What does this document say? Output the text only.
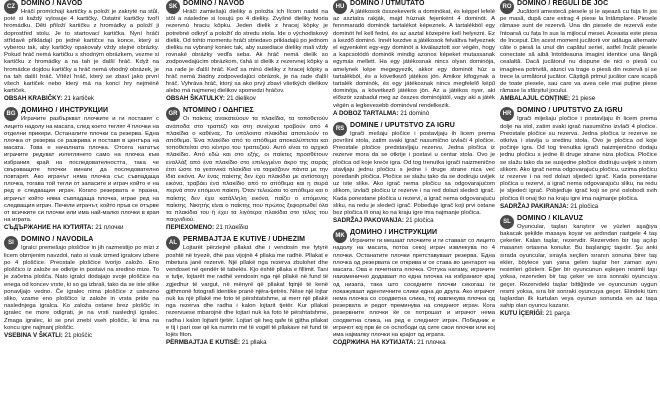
CZ DOMINO / NÁVOD
Hráči promíchají kartičky a položí je zakryté na stůl, poté si každý vylosuje 4 kartičky. Ostatní kartičky tvoří hromádku. Děti přiloží kartičku z hromádky a položí ji doprostřed stolu. Je to startovací kartička. Nyní hráči střídavě přikládají po jedné kartičce na konce, který si vyberou tak, aby kartičky opakovaly vždy stejné obrázky. Pokud hráč nemá kartičku s shodným obrázkem, vezme si kartičku z hromádky a na tah je další hráč. Když na hromádce dojdou kartičky a hráč nemá vhodný obrázek, je na tah další hráč. Vítězí hráč, který se zbaví jako první všech kartiček nebo který má na konci hry nejméně kartiček.
OBSAH KRABIČKY: 21 kartiček
BG ДОМИНО / ИНСТРУКЦИИ
Играчите разбъркват плочките и ги поставят с лицето надолу на масата, след което теглят 4 плочки на отделни прикери. Останалите плочки са резерва. Една плочка от резерва се разкрива и поставя в центъра на масата. Това е началната плочка. Отсега нататък играчите редуват изтеглянето само на плочка към избрания край на последователността, така че свързващите плочки винаги да последователно повтарят. Ако играчът няма плочка със съвпадаща плочка, тогава той тегли от запасите и играч който е на ред е следващия играч. Когато резервата е празна, играчът който няма съвпадаща плочка, играе ред на следващия играч. Печели играчът, който пръв се отърве от всичките си плочки или има най-малко плочки в края на играта.
СЪДЪРЖАНИЕ НА КУТИЯТА: 21 плочки
SI	DOMINO / NAVODILA
Igralci premešajo ploščice in jih razmestijo po mizi z licem obrnjenim navzdol, nato si vsak izmed igralcev izbere po 4 ploščice. Preostale ploščice tvorijo založo. Eno ploščico iz založe se odkrije in postavi na sredino mize. To je začetna plošča. Nato igralci dodajajo svoje ploščice na enega od koncev vrste, ki so ga izbrali, tako da se iste slike ponavljajo vedno. Če igralec nima ploščice z ustrezno sliko, vzame eno ploščico iz založe in vrsta pride na naslednjega igralca. Ko založa ostane brez ploščic in igralec ne more odigrati, je na vrsti naslednji igralec. Zmaga igralec, ki se prvi znebi vseh ploščic, ki ima na koncu igre najmanj ploščic.
VSEBINA V ŠKATLI: 21 ploščic
SK DOMINO / NÁVOD
Hráči zamiešajú dieliky a položia ich lícom nadol na stôl a následne si losujú po 4 dieliky. Zvyšné dieliky tvoria rezervnú hraciu kôpku. Jeden dielik z hracej kôpky je potrebné odkryť a položiť do stredu stola. Ide o východiskový dielik. Od tohto momentu hráči striedavo prikladajú po jednom dieliku na vybraný koniec tak, aby susediace dieliky mali vždy rovnaké obrázky vedľa seba. Ak hráč nemá dielik so zodpovedajúcim obrázkom, ťahá si dielik z rezervnej kôpky a na rade je ďalší hráč. Keď sa minú dieliky z hracej kôpky a hráč nemá žiadny zodpovedajúci obrázok, je na rade ďalší hráč. Vyhráva hráč, ktorý sa ako prvý zbaví všetkých dielikov alebo má najmenej dielikov spomedzi hráčov.
OBSAH ŠKATULKY: 21 dielikov
GR ΝΤΟΜΙΝΟ / ΟΔΗΓΙΕΣ
Οι παίκτες ανακατεύουν τα πλακίδια, τα τοποθετούν ανάποδα στο τραπέζι και στη συνέχεια τραβούν από 4 πλακίδια ο καθένας. Τα υπόλοιπα πλακίδια αποτελούν το απόθεμα. Ένα πλακίδιο από το απόθεμα αποκαλύπτεται και τοποθετείται στο κέντρο του τραπεζιού. Αυτό είναι το αρχικό πλακίδιο. Από εδώ και στο εξής, οι παίκτες προσθέτουν εναλλάξ από ένα πλακίδιο στο επιλεγμένο άκρο της σειράς έτσι ώστε τα γειτονικά πλακίδια να ταιριάζουν πάντα με την ίδια εικόνα. Αν ένας παίκτης δεν έχει πλακίδιο με αντίστοιχη εικόνα, τραβάει ένα πλακίδιο από το απόθεμα και η σειρά περνά στον επόμενο παίκτη. Όταν τελειώσει το απόθεμα και ο παίκτης δεν έχει κατάλληλη εικόνα, παίζει ο επόμενος παίκτης. Νικητής είναι ο παίκτης που πρώτος ξεφορτωθεί όλα τα πλακίδια του ή έχει τα λιγότερα πλακίδια στο τέλος του παιχνιδιού.
ΠΕΡΙΕΧΟΜΕΝΟ: 21 πλακίδια
AL PËRMBAJTJA E KUTIVE / UDHËZIM
Lojtarët përziejnë pllakat dhe i vendosin me fytyrë poshtë në tryezë, dhe pas vijojnë 4 pllaka me radhë. Pllakat e mbetura janë rezervë. Një pllakë nga rezerva zbulohet dhe vendoset në qendër të tabelës. Kjo është pllaka e fillimit. Tani e tutje, lojtarët me radhë vendosin nga një pllakë në fund të zgjedhur të vargut, në mënyrë që pllakat fqinjë të kenë gjithmonë fotografi identike pranë njëra-tjetrës. Nëse një lojtar nuk ka një pllakë me foto të përshtatshme, ai merr një pllakë nga rezerva dhe radha i kalon lojtarit tjetër. Kur pllakat rezervuese mbarojnë dhe lojtari nuk ka foto të përshtatshme, radha i kalon lojtarit tjetër. Lojtari që heq qafe të gjitha pllakat e tij i pari ose që ka numrin më të vogël të pllakave në fund të lojës fiton.
PËRMBAJTJA E KUTISË: 21 pllaka
HU DOMINÓ / ÚTMUTATÓ
A játékosok összekeverik a dominókat, és képpel lefelé az asztalra rakják, majd húznak fejenként 4 dominót. A fennmaradó dominók tartalékot képeznek. A tartalékból egy dominót fel kell fedni, és az asztal közepére kell helyezni. Ez a kezdő dominó. Innét kezdve a játékosok felváltva helyeznek el egyenként egy-egy dominót a kiválasztott sor végén, hogy a kapcsolódó dominók mindig azonos képeket mutassanak egymás mellett. Ha egy játékosnak nincs olyan dominója, amelynek képe megegyezik, akkor egy dominót húz a tartalékból, és a következő játékos jön. Amikor kifogynak a tartalék dominók, és egy játékosnak nincs megfelelő képű dominója, a következő játékos jön. Az a játékos nyer, aki először szabadul meg az összes dominójától, vagy aki a játék végén a legkevesebb dominóval rendelkezik.
A DOBOZ TARTALMA: 21 dominó
RS DOMINE / UPUTSTVO ZA IGRU
Igrači mešaju pločice i postavljaju ih licem prema površini stola, zatim svaki igrač nasumično izvlači 4 pločice. Preostale pločice predstavljaju rezervu. Jedna pločica iz rezerve mora da se otkrije i postavi u centar stola. Ovo je pločica od koje kreće igra. Od tog trenutka igrači naizmenično stavljaju jednu pločicu s jedne i druge strane niza već poređanih pločica. Pločice se slažu tako da se dodiruju uvijek uz iste slike. Ako igrač nema pločicu sa odgovarajućom slikom, izvlači pločicu iz rezerve i na red dolazi sledeći igrač. Kada ponestane pločica u rezervi, a igrač nema odgovarajuću sliku, na redu je sledeći igrač. Pobeđuje igrač koji prvi ostane bez pločica ili onaj ko na kraju igre ima najmanje pločica.
SADRŽAJ PAKOVANJA: 21 pločica
MK ДОМИНО / ИНСТРУКЦИИ
Играчите ги мешаат плочките и ги ставаат со лицето надолу на масата, потоа секој играч извлекува по 4 плочки. Останатите плочки претставуваат резерва. Една плочка од резервата се открива и се става во центарот на масата. Ова е почетната плочка. Оттука натаму, играчите наизменично додаваат по една плочка на избраниот крај од низата, така што соседните плочки секогаш ги покажуваат идентичните слики една до друга. Ако играчот нема плочка со соодветна слика, тој извлекува плочка од резервата и редот преминува на следниот играч. Кога резервните плочки ќе се потрошат и играчот нема соодветна слика, на ред е следниот играч. Победник е играчот кој прв ќе се ослободи од сите свои плочки или кој има најмалку плочки на крајот од играта.
СОДРЖИНА НА КУТИЈАТА: 21 плочка
RO DOMINO / REGULI DE JOC
Jucătorii amestecă piesele și le așează cu fața în jos pe masă, după care extrag 4 piese la întâmplare. Piesele rămase sunt de rezervă. Una din piesele de rezervă este întoarsă cu fața în sus la mijlocul mesei. Aceasta este piesa de început. Din acest moment jucătorii vor adăuga alternativ câte o piesă la unul din capătul seriei, astfel încât piesele conectate să aibă întotdeauna imagini identice una lângă cealaltă. Dacă jucătorul nu dispune de nici o piesă cu imaginea potrivită, atunci va trage o piesă din rezervă și se trece la următorul jucător. Câștigă primul jucător care scapă de toate piesele, sau care va avea cele mai puține piese rămase la sfârșitul jocului.
AMBALAJUL CONȚINE: 21 piese
HR DOMINO / UPUTSTVO ZA IGRU
Igrači miješaju pločice i postavljaju ih licem prema dolje na stol, zatim svaki igrač nasumično izvlači 4 pločice. Preostale pločice su rezerva. Jedna pločica iz rezerve se otkriva i stavlja u sredinu stola. Ovo je pločica od koje počinje igra. Od tog trenutka igrači naizmjenično dodaju jednu pločicu s jedne ili druge strane niza pločica. Pločice se slažu tako da se susjedne pločice dodiruju uvijek s istom slikom. Ako igrač nema odgovarajuću pločicu, uzima pločicu iz rezerve i na red dolazi sljedeći igrač. Kada ponestane pločica u rezervi, a igrač nema odgovarajuću sliku, na redu je sljedeći igrač. Pobjeđuje igrač koji se prvi oslobodi svih pločica ili onaj tko na kraju igre ima najmanje pločica.
SADRŽAJ PAKIRANJA: 21 pločica
SL DOMINO / KILAVUZ
Oyuncular, taşları karıştırır ve yüzleri aşağıya bakacak şekilde masaya koyar ve ardından rastgele 4 taş çekerler. Kalan taşlar, rezervdir. Rezervden bir taş açılıp masanın ortasına konulur. Bu başlangıç taşıdır. Şu anki sırada oyuncular, sırayla seçilen sıranın sonuna birer taş ekler, böylece yan yana gelen taşlar her zaman aynı resimleri gösterir. Eğer bir oyuncunun eşleşen resimli taşı yoksa, rezervden bir taş çeker ve sıra sonraki oyuncuya geçer. Rezervdeki taşlar bittiğinde ve oyuncunun uygun resmi yoksa, sıra bir sonraki oyuncuya geçer. Elindeki tüm taşlardan ilk kurtulan veya oyunun sonunda en az taşa sahip olan oyuncu kazanır.
KUTU İÇERİĞİ: 21 parça
